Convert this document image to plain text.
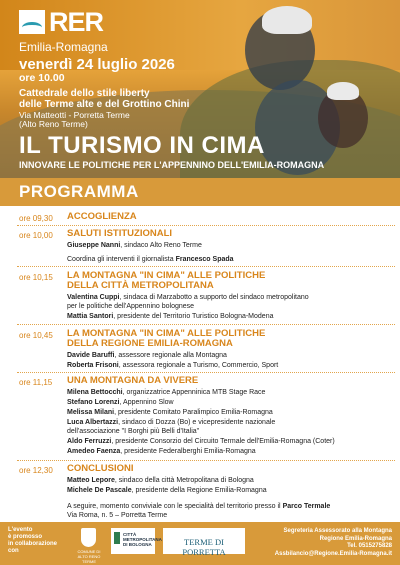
RER
Emilia-Romagna
venerdì 24 luglio 2026
ore 10.00
Cattedrale dello stile liberty
delle Terme alte e del Grottino Chini
Via Matteotti - Porretta Terme
(Alto Reno Terme)
IL TURISMO IN CIMA
INNOVARE LE POLITICHE PER L'APPENNINO DELL'EMILIA-ROMAGNA
PROGRAMMA
ore 09,30 ACCOGLIENZA
ore 10,00 SALUTI ISTITUZIONALI
Giuseppe Nanni, sindaco Alto Reno Terme
Coordina gli interventi il giornalista Francesco Spada
ore 10,15 LA MONTAGNA "IN CIMA" ALLE POLITICHE
DELLA CITTÀ METROPOLITANA
Valentina Cuppi, sindaca di Marzabotto a supporto del sindaco metropolitano
per le politiche dell'Appennino bolognese
Mattia Santori, presidente del Territorio Turistico Bologna-Modena
ore 10,45 LA MONTAGNA "IN CIMA" ALLE POLITICHE
DELLA REGIONE EMILIA-ROMAGNA
Davide Baruffi, assessore regionale alla Montagna
Roberta Frisoni, assessora regionale a Turismo, Commercio, Sport
ore 11,15 UNA MONTAGNA DA VIVERE
Milena Bettocchi, organizzatrice Appenninica MTB Stage Race
Stefano Lorenzi, Appennino Slow
Melissa Milani, presidente Comitato Paralimpico Emilia-Romagna
Luca Albertazzi, sindaco di Dozza (Bo) e vicepresidente nazionale
dell'associazione "I Borghi più Belli d'Italia"
Aldo Ferruzzi, presidente Consorzio del Circuito Termale dell'Emilia-Romagna (Coter)
Amedeo Faenza, presidente Federalberghi Emilia-Romagna
ore 12,30 CONCLUSIONI
Matteo Lepore, sindaco della città Metropolitana di Bologna
Michele De Pascale, presidente della Regione Emilia-Romagna
A seguire, momento conviviale con le specialità del territorio presso il Parco Termale
Via Roma, n. 5 – Porretta Terme
L'evento
è promosso
in collaborazione
con	COMUNE DI ALTO RENO TERME
CITTÀ
METROPOLITANA
DI BOLOGNA	TERME DI PORRETTA
Segreteria Assessorato alla Montagna
Regione Emilia-Romagna
Tel. 0515275828
Assbilancio@Regione.Emilia-Romagna.it
